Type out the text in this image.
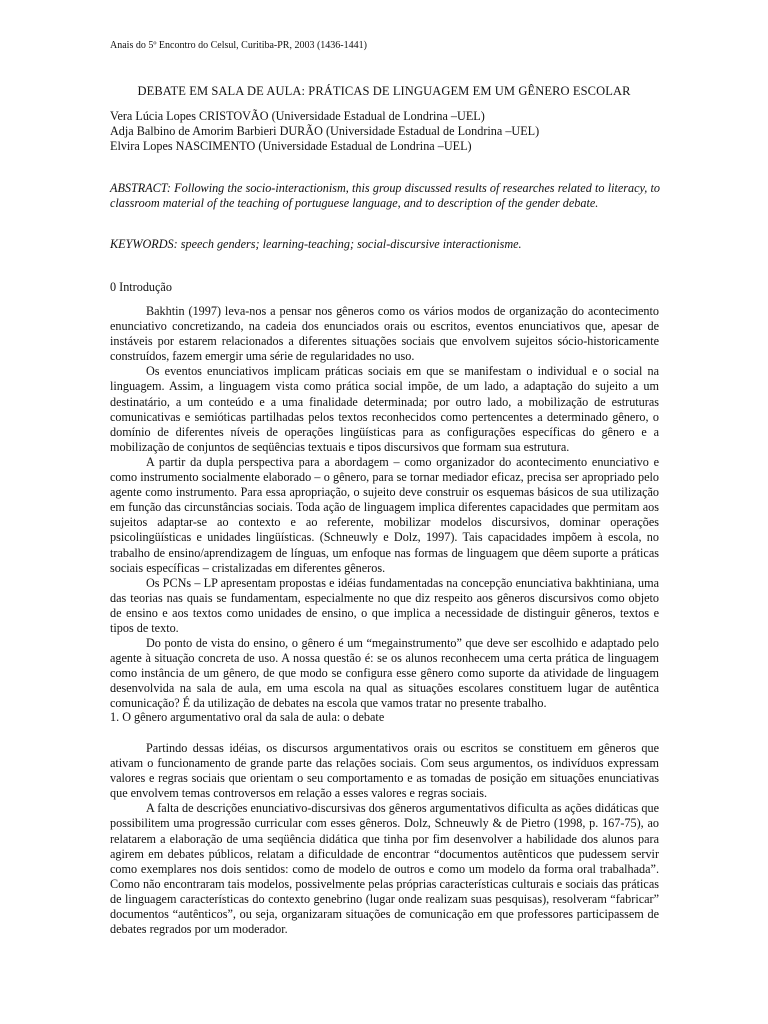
Anais do 5º Encontro do Celsul, Curitiba-PR, 2003 (1436-1441)
DEBATE EM SALA DE AULA: PRÁTICAS DE LINGUAGEM EM UM GÊNERO ESCOLAR
Vera Lúcia Lopes CRISTOVÃO (Universidade Estadual de Londrina –UEL)
Adja Balbino de Amorim Barbieri DURÃO (Universidade Estadual de Londrina –UEL)
Elvira Lopes NASCIMENTO (Universidade Estadual de Londrina –UEL)
ABSTRACT: Following the socio-interactionism, this group discussed results of researches related to literacy, to classroom material of the teaching of portuguese language, and to description of the gender debate.
KEYWORDS: speech genders; learning-teaching; social-discursive interactionisme.
0 Introdução

Bakhtin (1997) leva-nos a pensar nos gêneros como os vários modos de organização do acontecimento enunciativo concretizando, na cadeia dos enunciados orais ou escritos, eventos enunciativos que, apesar de instáveis por estarem relacionados a diferentes situações sociais que envolvem sujeitos sócio-historicamente construídos, fazem emergir uma série de regularidades no uso.

Os eventos enunciativos implicam práticas sociais em que se manifestam o individual e o social na linguagem. Assim, a linguagem vista como prática social impõe, de um lado, a adaptação do sujeito a um destinatário, a um conteúdo e a uma finalidade determinada; por outro lado, a mobilização de estruturas comunicativas e semióticas partilhadas pelos textos reconhecidos como pertencentes a determinado gênero, o domínio de diferentes níveis de operações lingüísticas para as configurações específicas do gênero e a mobilização de conjuntos de seqüências textuais e tipos discursivos que formam sua estrutura.

A partir da dupla perspectiva para a abordagem – como organizador do acontecimento enunciativo e como instrumento socialmente elaborado – o gênero, para se tornar mediador eficaz, precisa ser apropriado pelo agente como instrumento. Para essa apropriação, o sujeito deve construir os esquemas básicos de sua utilização em função das circunstâncias sociais. Toda ação de linguagem implica diferentes capacidades que permitam aos sujeitos adaptar-se ao contexto e ao referente, mobilizar modelos discursivos, dominar operações psicolingüísticas e unidades lingüísticas. (Schneuwly e Dolz, 1997). Tais capacidades impõem à escola, no trabalho de ensino/aprendizagem de línguas, um enfoque nas formas de linguagem que dêem suporte a práticas sociais específicas – cristalizadas em diferentes gêneros.

Os PCNs – LP apresentam propostas e idéias fundamentadas na concepção enunciativa bakhtiniana, uma das teorias nas quais se fundamentam, especialmente no que diz respeito aos gêneros discursivos como objeto de ensino e aos textos como unidades de ensino, o que implica a necessidade de distinguir gêneros, textos e tipos de texto.

Do ponto de vista do ensino, o gênero é um “megainstrumento” que deve ser escolhido e adaptado pelo agente à situação concreta de uso. A nossa questão é: se os alunos reconhecem uma certa prática de linguagem como instância de um gênero, de que modo se configura esse gênero como suporte da atividade de linguagem desenvolvida na sala de aula, em uma escola na qual as situações escolares constituem lugar de autêntica comunicação? É da utilização de debates na escola que vamos tratar no presente trabalho.

1. O gênero argumentativo oral da sala de aula: o debate

Partindo dessas idéias, os discursos argumentativos orais ou escritos se constituem em gêneros que ativam o funcionamento de grande parte das relações sociais. Com seus argumentos, os indivíduos expressam valores e regras sociais que orientam o seu comportamento e as tomadas de posição em situações enunciativas que envolvem temas controversos em relação a esses valores e regras sociais.

A falta de descrições enunciativo-discursivas dos gêneros argumentativos dificulta as ações didáticas que possibilitem uma progressão curricular com esses gêneros. Dolz, Schneuwly & de Pietro (1998, p. 167-75), ao relatarem a elaboração de uma seqüência didática que tinha por fim desenvolver a habilidade dos alunos para agirem em debates públicos, relatam a dificuldade de encontrar “documentos autênticos que pudessem servir como exemplares nos dois sentidos: como de modelo de outros e como um modelo da forma oral trabalhada”. Como não encontraram tais modelos, possivelmente pelas próprias características culturais e sociais das práticas de linguagem características do contexto genebrino (lugar onde realizam suas pesquisas), resolveram “fabricar” documentos “autênticos”, ou seja, organizaram situações de comunicação em que professores participassem de debates regrados por um moderador.
